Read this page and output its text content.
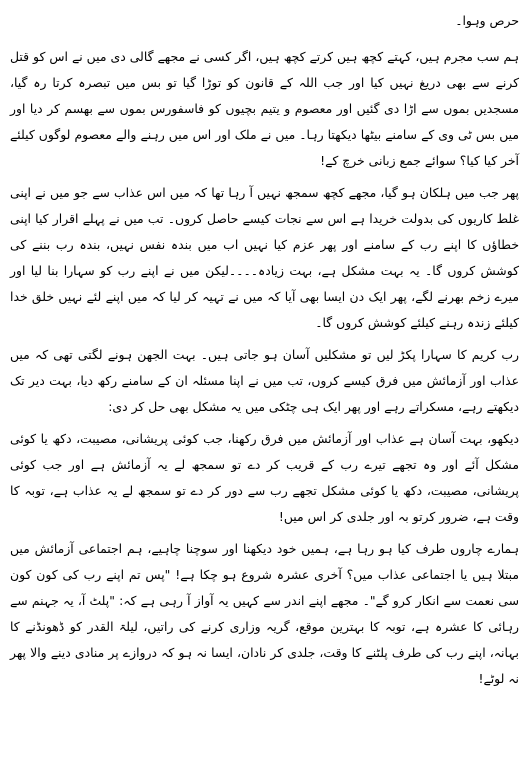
حرص وہوا۔

ہم سب مجرم ہیں، کہتے کچھ ہیں کرتے کچھ ہیں، اگر کسی نے مجھے گالی دی میں نے اس کو قتل کرنے سے بھی دریغ نہیں کیا اور جب اللہ کے قانون کو توڑا گیا تو بس میں تبصرہ کرتا رہ گیا، مسجدیں بموں سے اڑا دی گئیں اور معصوم و یتیم بچیوں کو فاسفورس بموں سے بھسم کر دیا اور میں بس ٹی وی کے سامنے بیٹھا دیکھتا رہا۔ میں نے ملک اور اس میں رہنے والے معصوم لوگوں کیلئے آخر کیا کیا؟ سوائے جمع زبانی خرچ کے!

پھر جب میں ہلکان ہو گیا، مجھے کچھ سمجھ نہیں آ رہا تھا کہ میں اس عذاب سے جو میں نے اپنی غلط کاریوں کی بدولت خریدا ہے اس سے نجات کیسے حاصل کروں۔ تب میں نے پہلے اقرار کیا اپنی خطاؤں کا اپنے رب کے سامنے اور پھر عزم کیا نہیں اب میں بندہ نفس نہیں، بندہ رب بننے کی کوشش کروں گا۔ یہ بہت مشکل ہے، بہت زیادہ۔۔۔۔لیکن میں نے اپنے رب کو سہارا بنا لیا اور میرے زخم بھرنے لگے، پھر ایک دن ایسا بھی آیا کہ میں نے تہیہ کر لیا کہ میں اپنے لئے نہیں خلق خدا کیلئے زندہ رہنے کیلئے کوشش کروں گا۔

رب کریم کا سہارا پکڑ لیں تو مشکلیں آسان ہو جاتی ہیں۔ بہت الجھن ہونے لگتی تھی کہ میں عذاب اور آزمائش میں فرق کیسے کروں، تب میں نے اپنا مسئلہ ان کے سامنے رکھ دیا، بہت دیر تک دیکھتے رہے، مسکراتے رہے اور پھر ایک ہی چٹکی میں یہ مشکل بھی حل کر دی:

دیکھو، بہت آسان ہے عذاب اور آزمائش میں فرق رکھنا، جب کوئی پریشانی، مصیبت، دکھ یا کوئی مشکل آئے اور وہ تجھے تیرے رب کے قریب کر دے تو سمجھ لے یہ آزمائش ہے اور جب کوئی پریشانی، مصیبت، دکھ یا کوئی مشکل تجھے رب سے دور کر دے تو سمجھ لے یہ عذاب ہے، توبہ کا وقت ہے، ضرور کرتو بہ اور جلدی کر اس میں!

ہمارے چاروں طرف کیا ہو رہا ہے، ہمیں خود دیکھنا اور سوچنا چاہیے، ہم اجتماعی آزمائش میں مبتلا ہیں یا اجتماعی عذاب میں؟ آخری عشرہ شروع ہو چکا ہے! "پس تم اپنے رب کی کون کون سی نعمت سے انکار کرو گے"۔ مجھے اپنے اندر سے کہیں یہ آواز آ رہی ہے کہ: "پلٹ آ، یہ جہنم سے رہائی کا عشرہ ہے، توبہ کا بہترین موقع، گریہ وزاری کرنے کی راتیں، لیلۃ القدر کو ڈھونڈنے کا بہانہ، اپنے رب کی طرف پلٹنے کا وقت، جلدی کر نادان، ایسا نہ ہو کہ دروازے پر منادی دینے والا پھر نہ لوٹے!
